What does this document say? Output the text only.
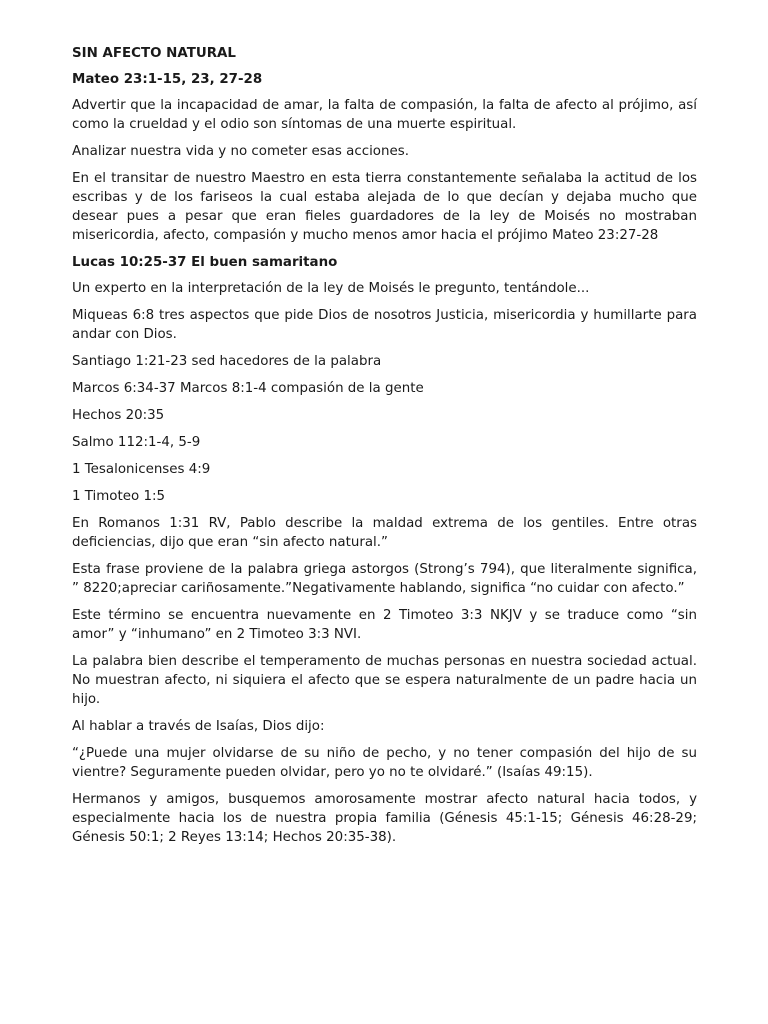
SIN AFECTO NATURAL

Mateo 23:1-15, 23, 27-28

Advertir que la incapacidad de amar, la falta de compasión, la falta de afecto al prójimo, así como la crueldad y el odio son síntomas de una muerte espiritual.

Analizar nuestra vida y no cometer esas acciones.

En el transitar de nuestro Maestro en esta tierra constantemente señalaba la actitud de los escribas y de los fariseos la cual estaba alejada de lo que decían y dejaba mucho que desear pues a pesar que eran fieles guardadores de la ley de Moisés no mostraban misericordia, afecto, compasión y mucho menos amor hacia el prójimo Mateo 23:27-28

Lucas 10:25-37 El buen samaritano

Un experto en la interpretación de la ley de Moisés le pregunto, tentándole...

Miqueas 6:8 tres aspectos que pide Dios de nosotros Justicia, misericordia y humillarte para andar con Dios.

Santiago 1:21-23 sed hacedores de la palabra

Marcos 6:34-37 Marcos 8:1-4 compasión de la gente

Hechos 20:35

Salmo 112:1-4, 5-9

1 Tesalonicenses 4:9

1 Timoteo 1:5

En Romanos 1:31 RV, Pablo describe la maldad extrema de los gentiles. Entre otras deficiencias, dijo que eran “sin afecto natural.”

Esta frase proviene de la palabra griega astorgos (Strong’s 794), que literalmente significa, ” 8220;apreciar cariñosamente.”Negativamente hablando, significa “no cuidar con afecto.”

Este término se encuentra nuevamente en 2 Timoteo 3:3 NKJV y se traduce como “sin amor” y “inhumano” en 2 Timoteo 3:3 NVI.

La palabra bien describe el temperamento de muchas personas en nuestra sociedad actual. No muestran afecto, ni siquiera el afecto que se espera naturalmente de un padre hacia un hijo.

Al hablar a través de Isaías, Dios dijo:

“¿Puede una mujer olvidarse de su niño de pecho, y no tener compasión del hijo de su vientre? Seguramente pueden olvidar, pero yo no te olvidaré.” (Isaías 49:15).

Hermanos y amigos, busquemos amorosamente mostrar afecto natural hacia todos, y especialmente hacia los de nuestra propia familia (Génesis 45:1-15; Génesis 46:28-29; Génesis 50:1; 2 Reyes 13:14; Hechos 20:35-38).
